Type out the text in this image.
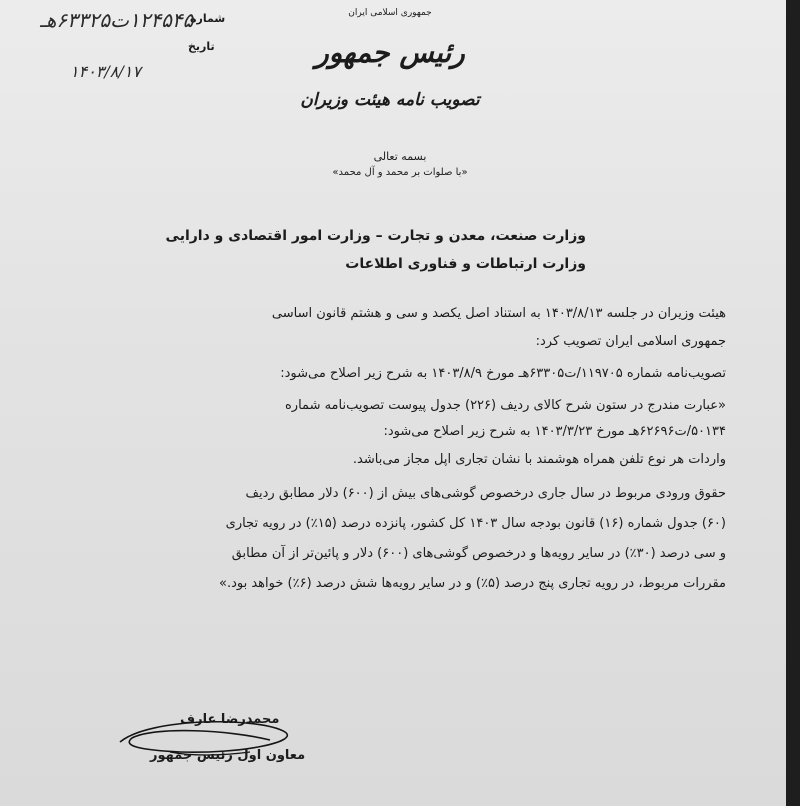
جمهوری اسلامی ایران
رئیس جمهور
تصویب نامه هیئت وزیران
شماره
۱۲۴۵۴۵ت۶۳۳۲۵هـ
تاریخ
۱۴۰۳/۸/۱۷
بسمه تعالی
«با صلوات بر محمد و آل محمد»
وزارت صنعت، معدن و تجارت – وزارت امور اقتصادی و دارایی
وزارت ارتباطات و فناوری اطلاعات
هیئت وزیران در جلسه ۱۴۰۳/۸/۱۳ به استناد اصل یکصد و سی و هشتم قانون اساسی
جمهوری اسلامی ایران تصویب کرد:
تصویب‌نامه شماره ۱۱۹۷۰۵/ت۶۳۳۰۵هـ مورخ ۱۴۰۳/۸/۹ به شرح زیر اصلاح می‌شود:
«عبارت مندرج در ستون شرح کالای ردیف (۲۲۶) جدول پیوست تصویب‌نامه شماره
۵۰۱۳۴/ت۶۲۶۹۶هـ مورخ ۱۴۰۳/۳/۲۳ به شرح زیر اصلاح می‌شود:
واردات هر نوع تلفن همراه هوشمند با نشان تجاری اپل مجاز می‌باشد.
حقوق ورودی مربوط در سال جاری درخصوص گوشی‌های بیش از (۶۰۰) دلار مطابق ردیف
(۶۰) جدول شماره (۱۶) قانون بودجه سال ۱۴۰۳ کل کشور، پانزده درصد (۱۵٪) در رویه تجاری
و سی درصد (۳۰٪) در سایر رویه‌ها و درخصوص گوشی‌های (۶۰۰) دلار و پائین‌تر از آن مطابق
مقررات مربوط، در رویه تجاری پنج درصد (۵٪) و در سایر رویه‌ها شش درصد (۶٪) خواهد بود.»
محمدرضا عارف
معاون اول رئیس جمهور
